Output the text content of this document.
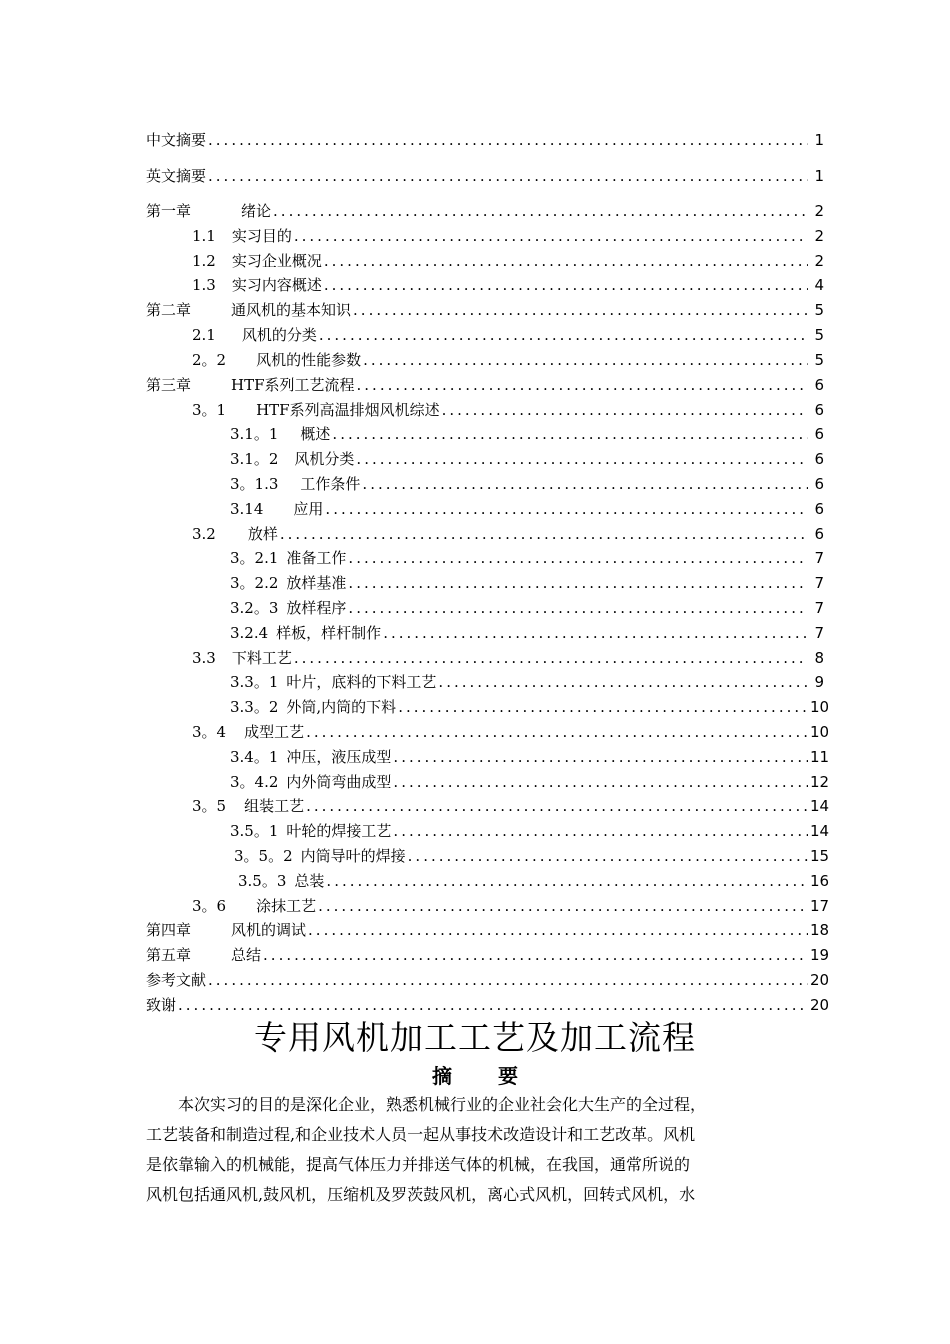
中文摘要 .....	1
英文摘要 .....	1
第一章	绪论 .....	2
1.1 实习目的 .....	2
1.2 实习企业概况 .....	2
1.3 实习内容概述 .....	4
第二章	通风机的基本知识 .....	5
2.1 风机的分类 .....	5
2。2 风机的性能参数 .....	5
第三章	HTF系列工艺流程 .....	6
3。1 HTF系列高温排烟风机综述 .....	6
3.1。1 概述 .....	6
3.1。2 风机分类 .....	6
3。1.3 工作条件 .....	6
3.14 应用 .....	6
3.2 放样 .....	6
3。2.1 准备工作 .....	7
3。2.2 放样基准 .....	7
3.2。3 放样程序 .....	7
3.2.4 样板，样杆制作 .....	7
3.3 下料工艺 .....	8
3.3。1 叶片，底料的下料工艺 .....	9
3.3。2 外筒,内筒的下料 .....	10
3。4 成型工艺 .....	10
3.4。1 冲压，液压成型 .....	11
3。4.2 内外筒弯曲成型 .....	12
3。5 组装工艺 .....	14
3.5。1 叶轮的焊接工艺 .....	14
3。5。2 内筒导叶的焊接 .....	15
3.5。3 总装 .....	16
3。6 涂抹工艺 .....	17
第四章	风机的调试 .....	18
第五章	总结 .....	19
参考文献 .....	20
致谢 .....	20
专用风机加工工艺及加工流程
摘 要
本次实习的目的是深化企业，熟悉机械行业的企业社会化大生产的全过程，
工艺装备和制造过程,和企业技术人员一起从事技术改造设计和工艺改革。风机
是依靠输入的机械能，提高气体压力并排送气体的机械，在我国，通常所说的
风机包括通风机,鼓风机，压缩机及罗茨鼓风机，离心式风机，回转式风机，水
